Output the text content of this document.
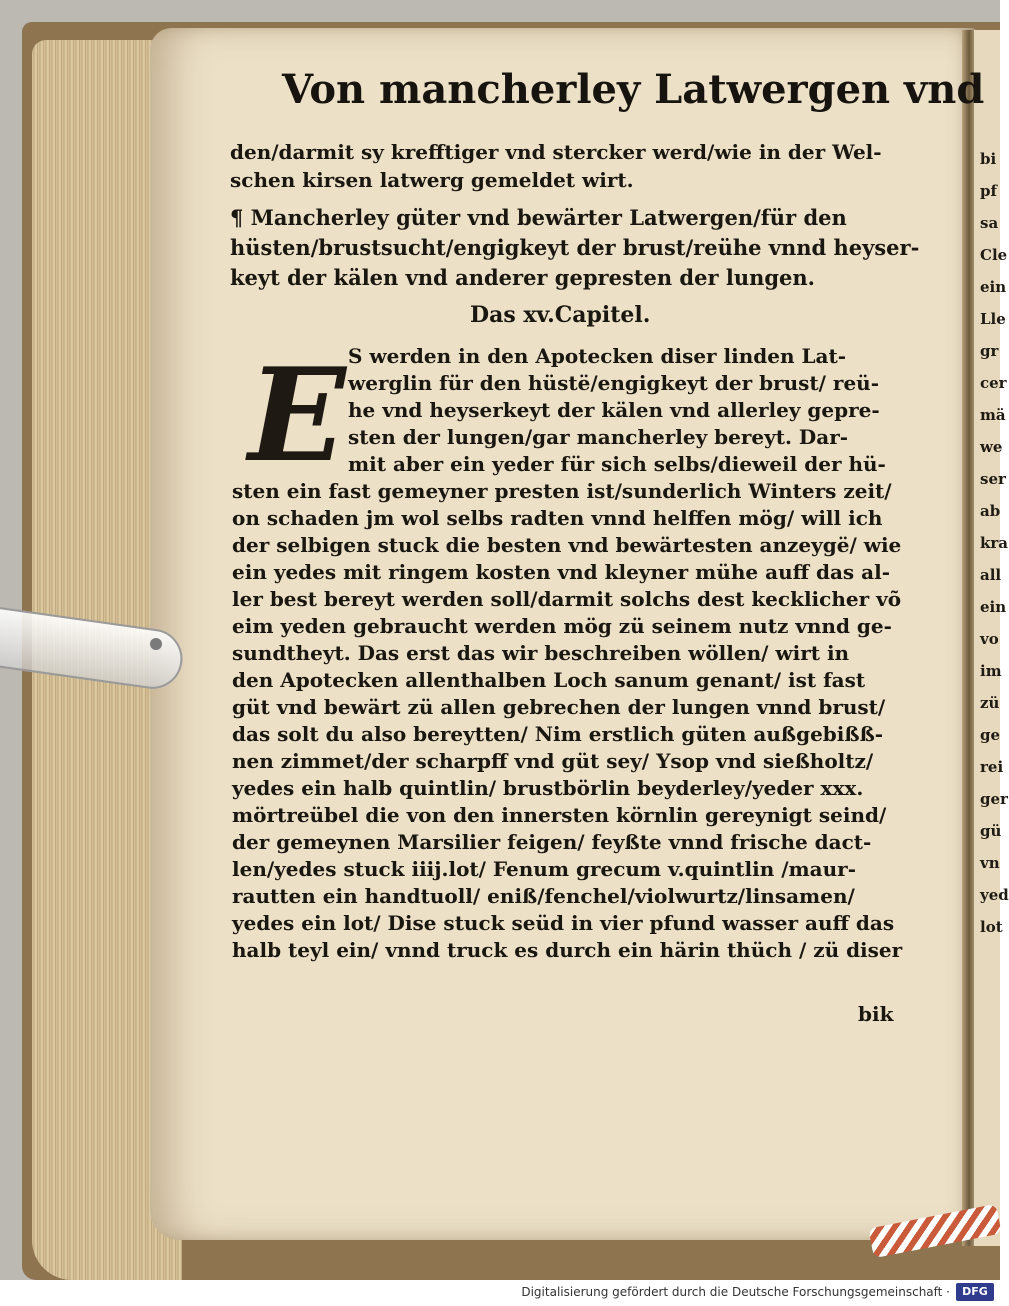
bi
pf
sa
Cle
ein
Lle
gr
cer
mä
we
ser
ab
kra
all
ein
vo
im
zü
ge
rei
ger
gü
vn
yed
lot
Von mancherley Latwergen vnd
den/darmit sy krefftiger vnd stercker werd/wie in der Wel-
schen kirsen latwerg gemeldet wirt.
¶ Mancherley güter vnd bewärter Latwergen/für den
hüsten/brustsucht/engigkeyt der brust/reühe vnnd heyser-
keyt der kälen vnd anderer gepresten der lungen.
Das xv.Capitel.
E S werden in den Apotecken diser linden Lat-
werglin für den hüstë/engigkeyt der brust/ reü-
he vnd heyserkeyt der kälen vnd allerley gepre-
sten der lungen/gar mancherley bereyt. Dar-
mit aber ein yeder für sich selbs/dieweil der hü-
sten ein fast gemeyner presten ist/sunderlich Winters zeit/
on schaden jm wol selbs radten vnnd helffen mög/ will ich
der selbigen stuck die besten vnd bewärtesten anzeygë/ wie
ein yedes mit ringem kosten vnd kleyner mühe auff das al-
ler best bereyt werden soll/darmit solchs dest kecklicher võ
eim yeden gebraucht werden mög zü seinem nutz vnnd ge-
sundtheyt. Das erst das wir beschreiben wöllen/ wirt in
den Apotecken allenthalben Loch sanum genant/ ist fast
güt vnd bewärt zü allen gebrechen der lungen vnnd brust/
das solt du also bereytten/ Nim erstlich güten außgebißß-
nen zimmet/der scharpff vnd güt sey/ Ysop vnd sießholtz/
yedes ein halb quintlin/ brustbörlin beyderley/yeder xxx.
mörtreübel die von den innersten körnlin gereynigt seind/
der gemeynen Marsilier feigen/ feyßte vnnd frische dact-
len/yedes stuck iiij.lot/ Fenum grecum v.quintlin /maur-
rautten ein handtuoll/ eniß/fenchel/violwurtz/linsamen/
yedes ein lot/ Dise stuck seüd in vier pfund wasser auff das
halb teyl ein/ vnnd truck es durch ein härin thüch / zü diser
bik
Digitalisierung gefördert durch die Deutsche Forschungsgemeinschaft ·	DFG
